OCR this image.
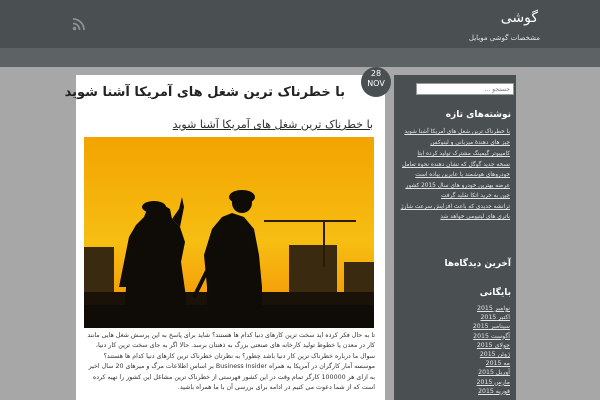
گوشی
مشخصات گوشی موبایل
28
NOV
با خطرناک ترین شغل های آمریکا آشنا شوید
با خطرناک ترین شغل های آمریکا آشنا شوید
تا به حال فکر کرده اید سخت ترین کارهای دنیا کدام ها هستند؟ شاید برای پاسخ به این پرسش شغل هایی مانند کار در معدن یا خطوط تولید کارخانه های صنعتی بزرگ به ذهنتان برسد. حالا اگر به جای سخت ترین کار دنیا، سوال ما درباره خطرناک ترین کار دنیا باشد چطور؟ به نظرتان خطرناک ترین کارهای دنیا کدام ها هستند؟ موسسه آمار کارگران در آمریکا به همراه Business Insider بر اساس اطلاعات مرگ و میرهای 20 سال اخیر به ازای هر 100000 کارگر تمام وقت در این کشور فهرستی از خطرناک ترین مشاغل این کشور را تهیه کرده است که از شما دعوت می کنیم در ادامه برای بررسی آن با ما همراه باشید.
جستجو ...
نوشته‌های تازه
با خطرناک ترین شغل های آمریکا آشنا شوید
چیز هاي دهندۀ میزبانی و لینوکس
کامپیوتر گیمینگ مشترک تولید کرده ابتا
نسخه جدید گوگل که نشان دهنده نحوه تعامل خودروهای هوشمند با عابرین پیاده است
عرضه بهترین خودرو های سال 2015 کشور چین به خرید اتکا تقلید گرفت
ترانشه جدیدی که باعث افزایش سرعت شارژ باتری های لیتیومی خواهد شد
آخرین دیدگاه‌ها
بایگانی
نوامبر 2015
اکتبر 2015
سپتامبر 2015
آگوست 2015
جولای 2015
ژوئن 2015
مه 2015
آوریل 2015
مارس 2015
فوریه 2015
